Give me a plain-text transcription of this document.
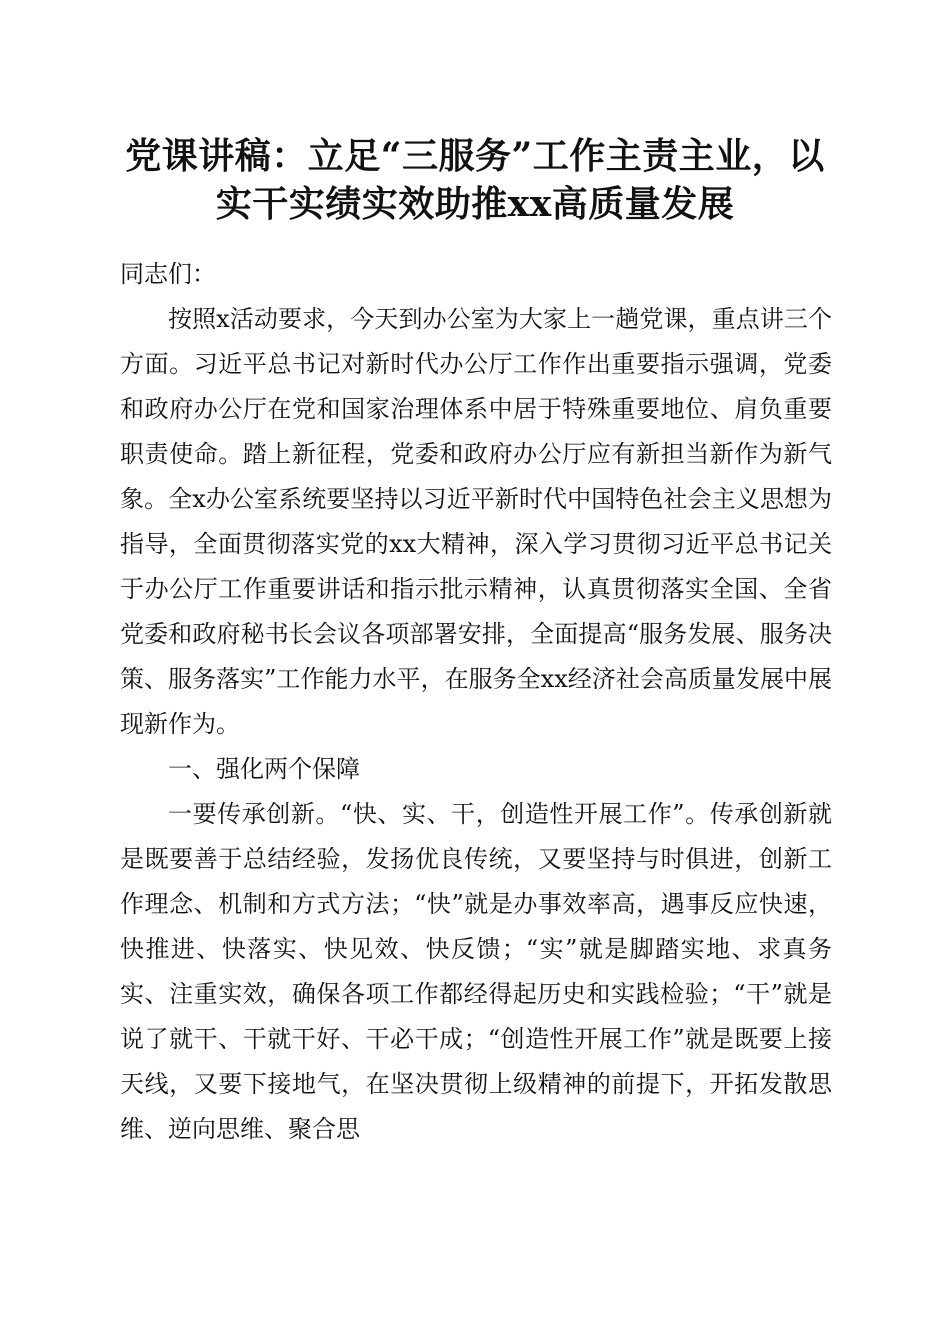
党课讲稿：立足“三服务”工作主责主业，以
实干实绩实效助推xx高质量发展

同志们：

按照x活动要求，今天到办公室为大家上一趟党课，重点讲三个方面。习近平总书记对新时代办公厅工作作出重要指示强调，党委和政府办公厅在党和国家治理体系中居于特殊重要地位、肩负重要职责使命。踏上新征程，党委和政府办公厅应有新担当新作为新气象。全x办公室系统要坚持以习近平新时代中国特色社会主义思想为指导，全面贯彻落实党的xx大精神，深入学习贯彻习近平总书记关于办公厅工作重要讲话和指示批示精神，认真贯彻落实全国、全省党委和政府秘书长会议各项部署安排，全面提高“服务发展、服务决策、服务落实”工作能力水平，在服务全xx经济社会高质量发展中展现新作为。

一、强化两个保障

一要传承创新。“快、实、干，创造性开展工作”。传承创新就是既要善于总结经验，发扬优良传统，又要坚持与时俱进，创新工作理念、机制和方式方法；“快”就是办事效率高，遇事反应快速，快推进、快落实、快见效、快反馈；“实”就是脚踏实地、求真务实、注重实效，确保各项工作都经得起历史和实践检验；“干”就是说了就干、干就干好、干必干成；“创造性开展工作”就是既要上接天线，又要下接地气，在坚决贯彻上级精神的前提下，开拓发散思维、逆向思维、聚合思
